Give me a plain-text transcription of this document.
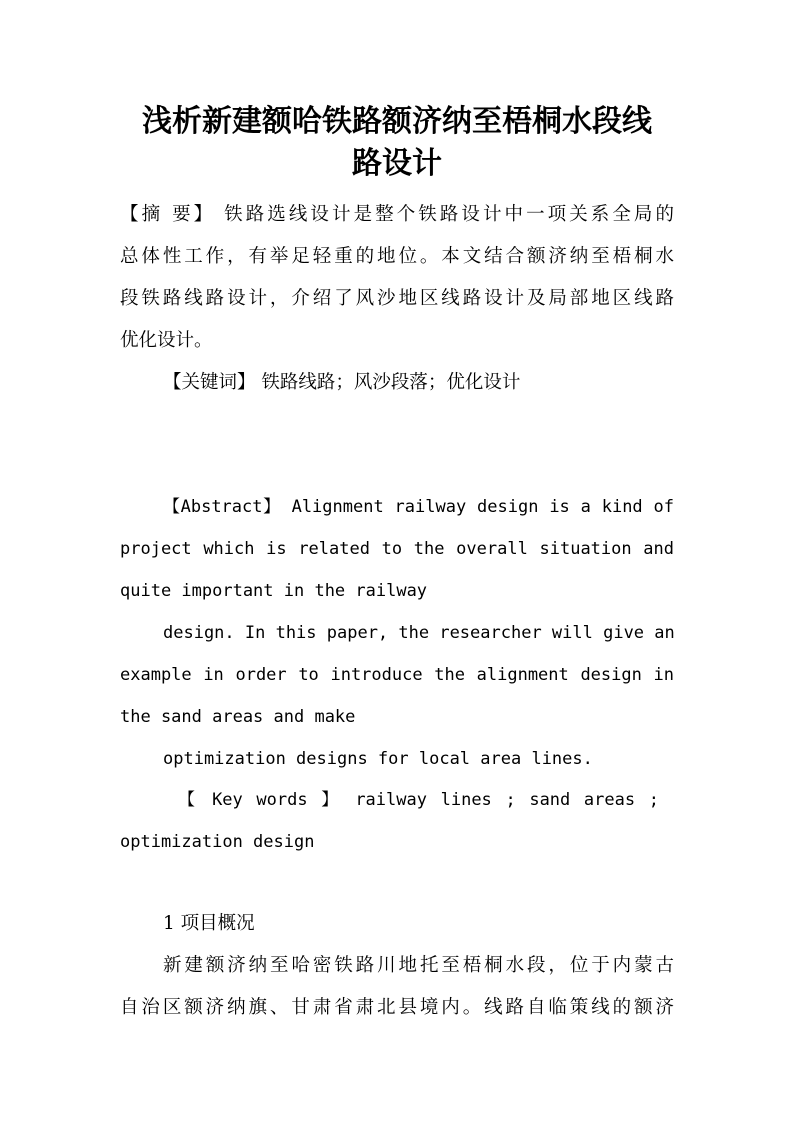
浅析新建额哈铁路额济纳至梧桐水段线
路设计
【摘 要】 铁路选线设计是整个铁路设计中一项关系全局的
总体性工作，有举足轻重的地位。本文结合额济纳至梧桐水
段铁路线路设计，介绍了风沙地区线路设计及局部地区线路
优化设计。
【关键词】 铁路线路；风沙段落；优化设计
【Abstract】 Alignment railway design is a kind of
project which is related to the overall situation and
quite important in the railway
design. In this paper, the researcher will give an
example in order to introduce the alignment design in
the sand areas and make
optimization designs for local area lines.
【 Key words 】 railway lines ; sand areas ;
optimization design
1 项目概况
新建额济纳至哈密铁路川地托至梧桐水段，位于内蒙古
自治区额济纳旗、甘肃省肃北县境内。线路自临策线的额济
